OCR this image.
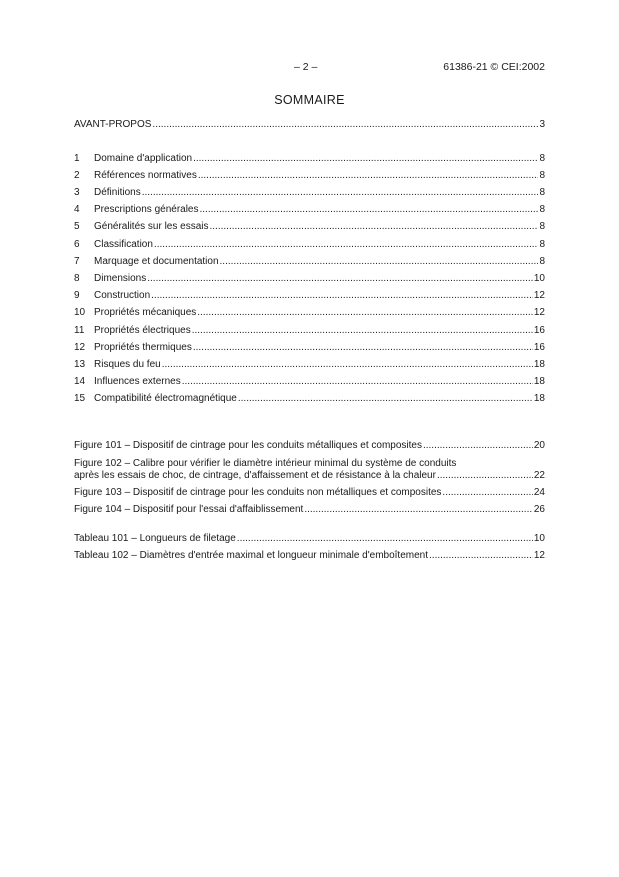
– 2 –	61386-21 © CEI:2002
SOMMAIRE
AVANT-PROPOS .....	3
1	Domaine d'application .....	8
2	Références normatives .....	8
3	Définitions .....	8
4	Prescriptions générales .....	8
5	Généralités sur les essais .....	8
6	Classification .....	8
7	Marquage et documentation .....	8
8	Dimensions .....	10
9	Construction .....	12
10 Propriétés mécaniques .....	12
11 Propriétés électriques .....	16
12 Propriétés thermiques .....	16
13 Risques du feu .....	18
14 Influences externes .....	18
15 Compatibilité électromagnétique .....	18
Figure 101 – Dispositif de cintrage pour les conduits métalliques et composites .....	20
Figure 102 – Calibre pour vérifier le diamètre intérieur minimal du système de conduits
après les essais de choc, de cintrage, d'affaissement et de résistance à la chaleur .....	22
Figure 103 – Dispositif de cintrage pour les conduits non métalliques et composites .....	24
Figure 104 – Dispositif pour l'essai d'affaiblissement .....	26
Tableau 101 – Longueurs de filetage .....	10
Tableau 102 – Diamètres d'entrée maximal et longueur minimale d'emboîtement .....	12
